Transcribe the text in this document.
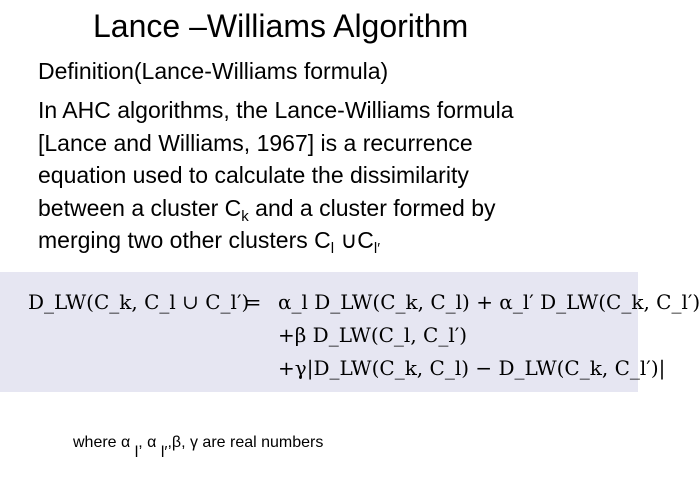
Lance –Williams Algorithm
Definition(Lance-Williams formula)
In AHC algorithms, the Lance-Williams formula
[Lance and Williams, 1967] is a recurrence
equation used to calculate the dissimilarity
between a cluster $C_k$ and a cluster formed by
merging two other clusters $C_l$ $\cup C_{l'}$
D_LW(C_k, C_l ∪ C_l′)
= α_l D_LW(C_k, C_l) + α_l′ D_LW(C_k, C_l′)
+β D_LW(C_l, C_l′)
+γ|D_LW(C_k, C_l) − D_LW(C_k, C_l′)|
where α l, α l′,β, γ are real numbers
